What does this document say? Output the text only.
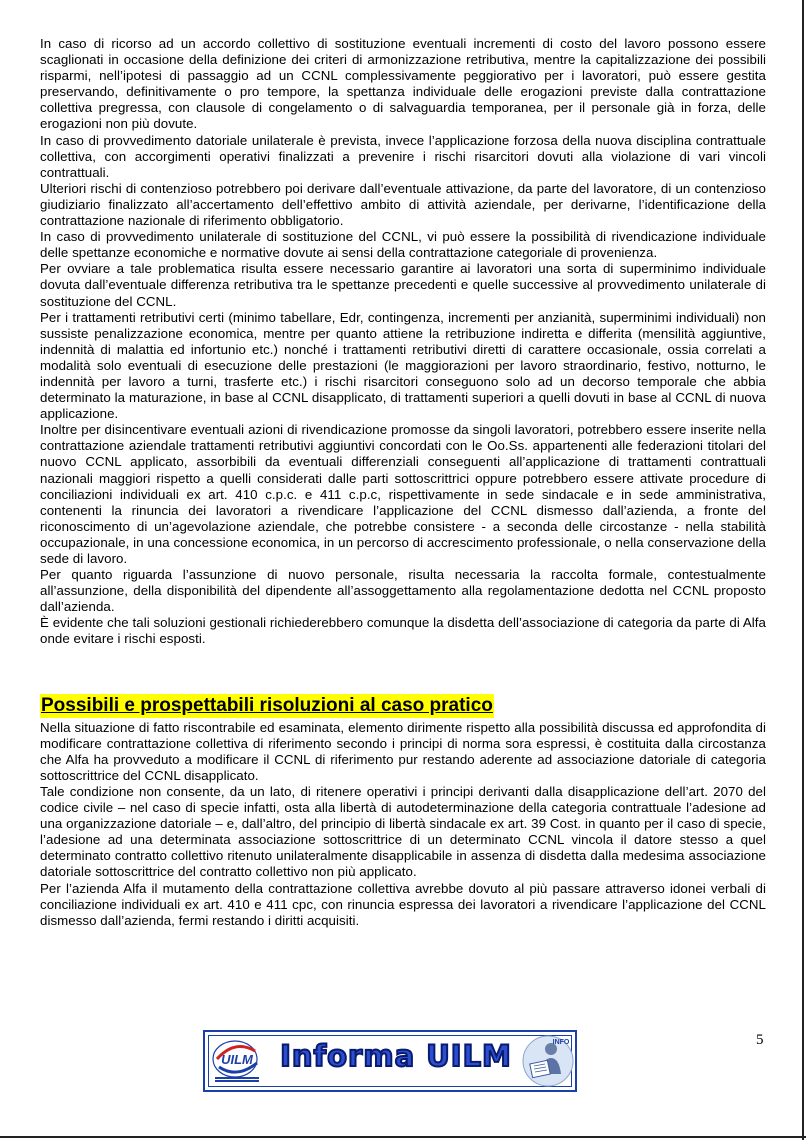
In caso di ricorso ad un accordo collettivo di sostituzione eventuali incrementi di costo del lavoro possono essere scaglionati in occasione della definizione dei criteri di armonizzazione retributiva, mentre la capitalizzazione dei possibili risparmi, nell’ipotesi di passaggio ad un CCNL complessivamente peggiorativo per i lavoratori, può essere gestita preservando, definitivamente o pro tempore, la spettanza individuale delle erogazioni previste dalla contrattazione collettiva pregressa, con clausole di congelamento o di salvaguardia temporanea, per il personale già in forza, delle erogazioni non più dovute.

In caso di provvedimento datoriale unilaterale è prevista, invece l’applicazione forzosa della nuova disciplina contrattuale collettiva, con accorgimenti operativi finalizzati a prevenire i rischi risarcitori dovuti alla violazione di vari vincoli contrattuali.

Ulteriori rischi di contenzioso potrebbero poi derivare dall’eventuale attivazione, da parte del lavoratore, di un contenzioso giudiziario finalizzato all’accertamento dell’effettivo ambito di attività aziendale, per derivarne, l’identificazione della contrattazione nazionale di riferimento obbligatorio.

In caso di provvedimento unilaterale di sostituzione del CCNL, vi può essere la possibilità di rivendicazione individuale delle spettanze economiche e normative dovute ai sensi della contrattazione categoriale di provenienza.

Per ovviare a tale problematica risulta essere necessario garantire ai lavoratori una sorta di superminimo individuale dovuta dall’eventuale differenza retributiva tra le spettanze precedenti e quelle successive al provvedimento unilaterale di sostituzione del CCNL.

Per i trattamenti retributivi certi (minimo tabellare, Edr, contingenza, incrementi per anzianità, superminimi individuali) non sussiste penalizzazione economica, mentre per quanto attiene la retribuzione indiretta e differita (mensilità aggiuntive, indennità di malattia ed infortunio etc.) nonché i trattamenti retributivi diretti di carattere occasionale, ossia correlati a modalità solo eventuali di esecuzione delle prestazioni (le maggiorazioni per lavoro straordinario, festivo, notturno, le indennità per lavoro a turni, trasferte etc.) i rischi risarcitori conseguono solo ad un decorso temporale che abbia determinato la maturazione, in base al CCNL disapplicato, di trattamenti superiori a quelli dovuti in base al CCNL di nuova applicazione.

Inoltre per disincentivare eventuali azioni di rivendicazione promosse da singoli lavoratori, potrebbero essere inserite nella contrattazione aziendale trattamenti retributivi aggiuntivi concordati con le Oo.Ss. appartenenti alle federazioni titolari del nuovo CCNL applicato, assorbibili da eventuali differenziali conseguenti all’applicazione di trattamenti contrattuali nazionali maggiori rispetto a quelli considerati dalle parti sottoscrittrici oppure potrebbero essere attivate procedure di conciliazioni individuali ex art. 410 c.p.c. e 411 c.p.c, rispettivamente in sede sindacale e in sede amministrativa, contenenti la rinuncia dei lavoratori a rivendicare l’applicazione del CCNL dismesso dall’azienda, a fronte del riconoscimento di un’agevolazione aziendale, che potrebbe consistere - a seconda delle circostanze - nella stabilità occupazionale, in una concessione economica, in un percorso di accrescimento professionale, o nella conservazione della sede di lavoro.

Per quanto riguarda l’assunzione di nuovo personale, risulta necessaria la raccolta formale, contestualmente all’assunzione, della disponibilità del dipendente all’assoggettamento alla regolamentazione dedotta nel CCNL proposto dall’azienda.

È evidente che tali soluzioni gestionali richiederebbero comunque la disdetta dell’associazione di categoria da parte di Alfa onde evitare i rischi esposti.

Possibili e prospettabili risoluzioni al caso pratico

Nella situazione di fatto riscontrabile ed esaminata, elemento dirimente rispetto alla possibilità discussa ed approfondita di modificare contrattazione collettiva di riferimento secondo i principi di norma sora espressi, è costituita dalla circostanza che Alfa ha provveduto a modificare il CCNL di riferimento pur restando aderente ad associazione datoriale di categoria sottoscrittrice del CCNL disapplicato.

Tale condizione non consente, da un lato, di ritenere operativi i principi derivanti dalla disapplicazione dell’art. 2070 del codice civile – nel caso di specie infatti, osta alla libertà di autodeterminazione della categoria contrattuale l’adesione ad una organizzazione datoriale – e, dall’altro, del principio di libertà sindacale ex art. 39 Cost. in quanto per il caso di specie, l’adesione ad una determinata associazione sottoscrittrice di un determinato CCNL vincola il datore stesso a quel determinato contratto collettivo ritenuto unilateralmente disapplicabile in assenza di disdetta dalla medesima associazione datoriale sottoscrittrice del contratto collettivo non più applicato.

Per l’azienda Alfa il mutamento della contrattazione collettiva avrebbe dovuto al più passare attraverso idonei verbali di conciliazione individuali ex art. 410 e 411 cpc, con rinuncia espressa dei lavoratori a rivendicare l’applicazione del CCNL dismesso dall’azienda, fermi restando i diritti acquisiti.

5
UILM Informa UILM	INFO
